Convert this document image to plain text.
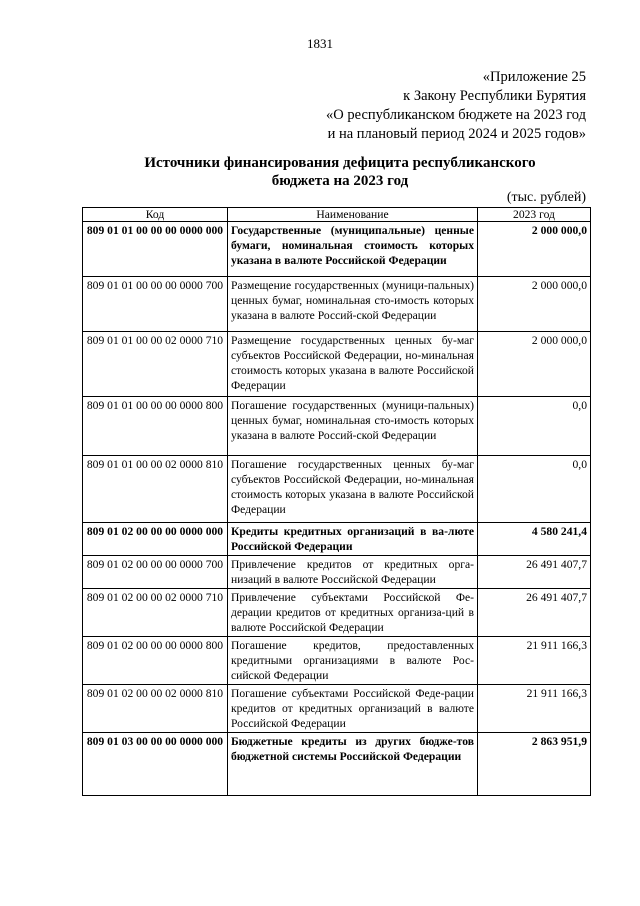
1831
«Приложение 25
к Закону Республики Бурятия
«О республиканском бюджете на 2023 год
и на плановый период 2024 и 2025 годов»
Источники финансирования дефицита республиканского
бюджета на 2023 год
(тыс. рублей)
Код	Наименование	2023 год
809 01 01 00 00 00 0000 000	Государственные (муниципальные) ценные бумаги, номинальная стоимость которых указана в валюте Российской Федерации	2 000 000,0
809 01 01 00 00 00 0000 700	Размещение государственных (муници-пальных) ценных бумаг, номинальная сто-имость которых указана в валюте Россий-ской Федерации	2 000 000,0
809 01 01 00 00 02 0000 710	Размещение государственных ценных бу-маг субъектов Российской Федерации, но-минальная стоимость которых указана в валюте Российской Федерации	2 000 000,0
809 01 01 00 00 00 0000 800	Погашение государственных (муници-пальных) ценных бумаг, номинальная сто-имость которых указана в валюте Россий-ской Федерации	0,0
809 01 01 00 00 02 0000 810	Погашение государственных ценных бу-маг субъектов Российской Федерации, но-минальная стоимость которых указана в валюте Российской Федерации	0,0
809 01 02 00 00 00 0000 000	Кредиты кредитных организаций в ва-люте Российской Федерации	4 580 241,4
809 01 02 00 00 00 0000 700	Привлечение кредитов от кредитных орга-низаций в валюте Российской Федерации	26 491 407,7
809 01 02 00 00 02 0000 710	Привлечение субъектами Российской Фе-дерации кредитов от кредитных организа-ций в валюте Российской Федерации	26 491 407,7
809 01 02 00 00 00 0000 800	Погашение кредитов, предоставленных кредитными организациями в валюте Рос-сийской Федерации	21 911 166,3
809 01 02 00 00 02 0000 810	Погашение субъектами Российской Феде-рации кредитов от кредитных организаций в валюте Российской Федерации	21 911 166,3
809 01 03 00 00 00 0000 000	Бюджетные кредиты из других бюдже-тов бюджетной системы Российской Федерации	2 863 951,9
